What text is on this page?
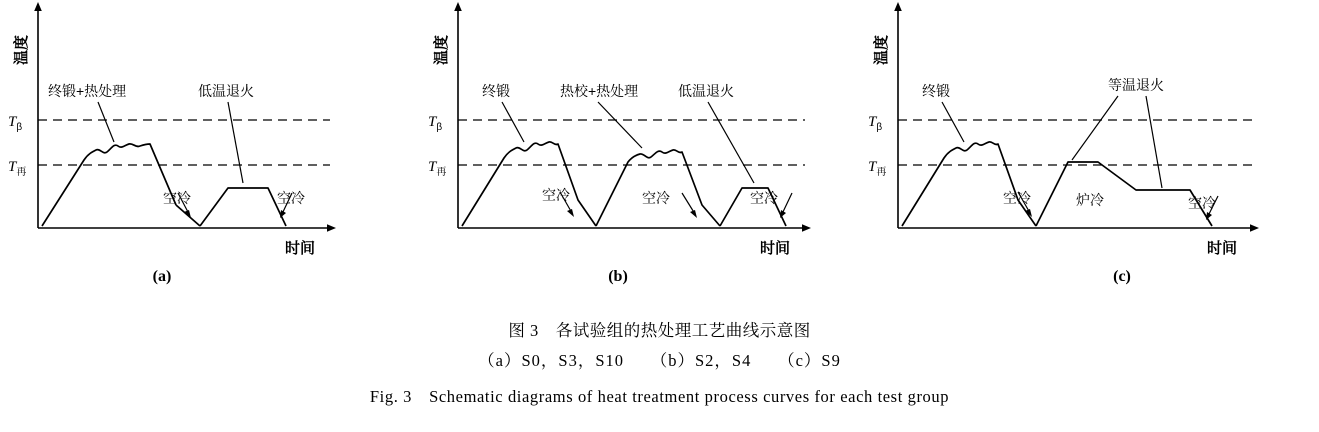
温度
时间
$T_\beta$
$T_再$
终锻+热处理	低温退火
空冷	空冷
(a)
温度
时间
$T_\beta$
$T_再$
终锻	热校+热处理	低温退火
空冷	空冷	空冷
(b)
温度
时间
$T_\beta$
$T_再$
终锻	等温退火
空冷	炉冷	空冷
(c)
图 3　各试验组的热处理工艺曲线示意图
（a）S0，S3，S10　　（b）S2，S4　　（c）S9
Fig. 3　Schematic diagrams of heat treatment process curves for each test group
